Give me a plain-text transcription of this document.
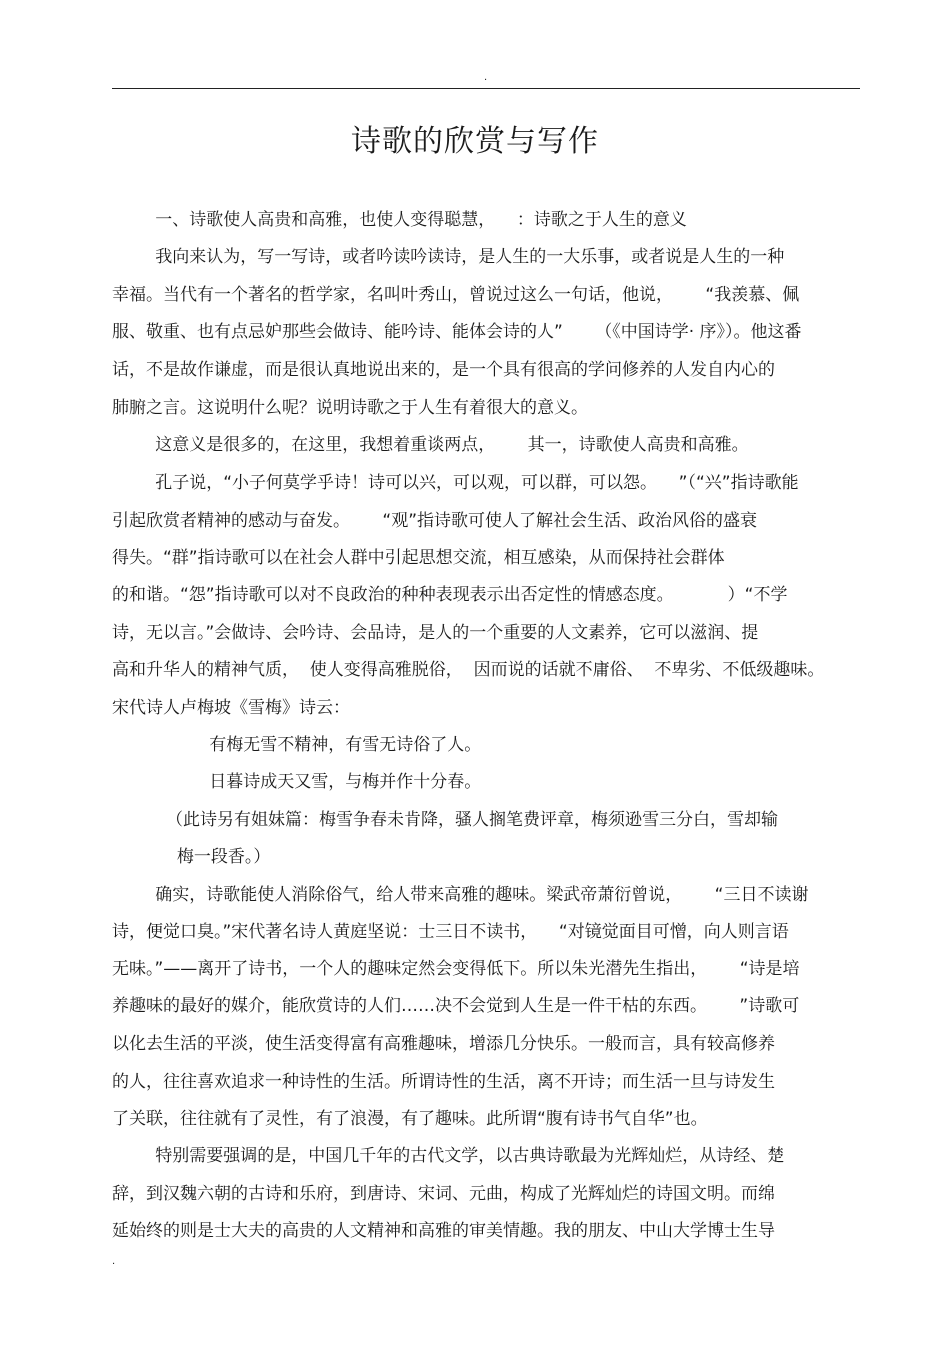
.
诗歌的欣赏与写作
一、诗歌使人高贵和高雅，也使人变得聪慧，    ：诗歌之于人生的意义
我向来认为，写一写诗，或者吟读吟读诗，是人生的一大乐事，或者说是人生的一种
幸福。当代有一个著名的哲学家，名叫叶秀山，曾说过这么一句话，他说，      “我羡慕、佩
服、敬重、也有点忌妒那些会做诗、能吟诗、能体会诗的人”      （《中国诗学· 序》）。他这番
话，不是故作谦虚，而是很认真地说出来的，是一个具有很高的学问修养的人发自内心的
肺腑之言。这说明什么呢？说明诗歌之于人生有着很大的意义。
这意义是很多的，在这里，我想着重谈两点，      其一，诗歌使人高贵和高雅。
孔子说，“小子何莫学乎诗！诗可以兴，可以观，可以群，可以怨。    ”（“兴”指诗歌能
引起欣赏者精神的感动与奋发。      “观”指诗歌可使人了解社会生活、政治风俗的盛衰
得失。“群”指诗歌可以在社会人群中引起思想交流，相互感染，从而保持社会群体
的和谐。“怨”指诗歌可以对不良政治的种种表现表示出否定性的情感态度。          ）“不学
诗，无以言。”会做诗、会吟诗、会品诗，是人的一个重要的人文素养，它可以滋润、提
高和升华人的精神气质，  使人变得高雅脱俗，  因而说的话就不庸俗、  不卑劣、不低级趣味。
宋代诗人卢梅坡《雪梅》诗云：
有梅无雪不精神，有雪无诗俗了人。
日暮诗成天又雪，与梅并作十分春。
（此诗另有姐妹篇：梅雪争春未肯降，骚人搁笔费评章，梅须逊雪三分白，雪却输
梅一段香。）
确实，诗歌能使人消除俗气，给人带来高雅的趣味。梁武帝萧衍曾说，      “三日不读谢
诗，便觉口臭。”宋代著名诗人黄庭坚说：士三日不读书，    “对镜觉面目可憎，向人则言语
无味。”——离开了诗书，一个人的趣味定然会变得低下。所以朱光潜先生指出，      “诗是培
养趣味的最好的媒介，能欣赏诗的人们……决不会觉到人生是一件干枯的东西。      ”诗歌可
以化去生活的平淡，使生活变得富有高雅趣味，增添几分快乐。一般而言，具有较高修养
的人，往往喜欢追求一种诗性的生活。所谓诗性的生活，离不开诗；而生活一旦与诗发生
了关联，往往就有了灵性，有了浪漫，有了趣味。此所谓“腹有诗书气自华”也。
特别需要强调的是，中国几千年的古代文学，以古典诗歌最为光辉灿烂，从诗经、楚
辞，到汉魏六朝的古诗和乐府，到唐诗、宋词、元曲，构成了光辉灿烂的诗国文明。而绵
延始终的则是士大夫的高贵的人文精神和高雅的审美情趣。我的朋友、中山大学博士生导
.
